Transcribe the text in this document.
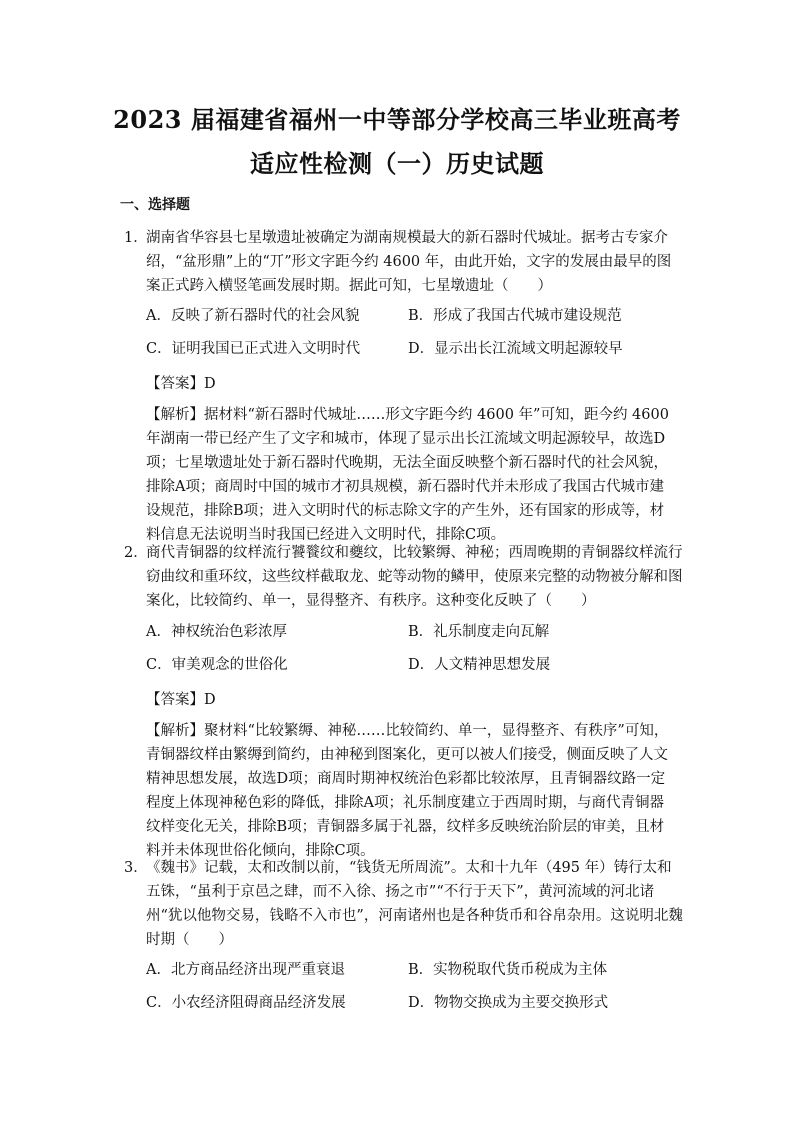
2023 届福建省福州一中等部分学校高三毕业班高考
适应性检测（一）历史试题
一、选择题
1．
湖南省华容县七星墩遗址被确定为湖南规模最大的新石器时代城址。据考古专家介绍，“盆形鼎”上的“丌”形文字距今约 4600 年，由此开始，文字的发展由最早的图案正式跨入横竖笔画发展时期。据此可知，七星墩遗址（　　）
A．反映了新石器时代的社会风貌	B．形成了我国古代城市建设规范
C．证明我国已正式进入文明时代	D．显示出长江流域文明起源较早
【答案】D
【解析】据材料“新石器时代城址……形文字距今约 4600 年”可知，距今约 4600 年湖南一带已经产生了文字和城市，体现了显示出长江流域文明起源较早，故选D项；七星墩遗址处于新石器时代晚期，无法全面反映整个新石器时代的社会风貌，排除A项；商周时中国的城市才初具规模，新石器时代并未形成了我国古代城市建设规范，排除B项；进入文明时代的标志除文字的产生外，还有国家的形成等，材料信息无法说明当时我国已经进入文明时代，排除C项。
2．
商代青铜器的纹样流行饕餮纹和夔纹，比较繁缛、神秘；西周晚期的青铜器纹样流行窃曲纹和重环纹，这些纹样截取龙、蛇等动物的鳞甲，使原来完整的动物被分解和图案化，比较简约、单一，显得整齐、有秩序。这种变化反映了（　　）
A．神权统治色彩浓厚	B．礼乐制度走向瓦解
C．审美观念的世俗化	D．人文精神思想发展
【答案】D
【解析】聚材料“比较繁缛、神秘……比较简约、单一，显得整齐、有秩序”可知，青铜器纹样由繁缛到简约，由神秘到图案化，更可以被人们接受，侧面反映了人文精神思想发展，故选D项；商周时期神权统治色彩都比较浓厚，且青铜器纹路一定程度上体现神秘色彩的降低，排除A项；礼乐制度建立于西周时期，与商代青铜器纹样变化无关，排除B项；青铜器多属于礼器，纹样多反映统治阶层的审美，且材料并未体现世俗化倾向，排除C项。
3．
《魏书》记载，太和改制以前，“钱货无所周流”。太和十九年（495 年）铸行太和五铢，“虽利于京邑之肆，而不入徐、扬之市”“不行于天下”，黄河流域的河北诸州“犹以他物交易，钱略不入市也”，河南诸州也是各种货币和谷帛杂用。这说明北魏时期（　　）
A．北方商品经济出现严重衰退	B．实物税取代货币税成为主体
C．小农经济阻碍商品经济发展	D．物物交换成为主要交换形式
